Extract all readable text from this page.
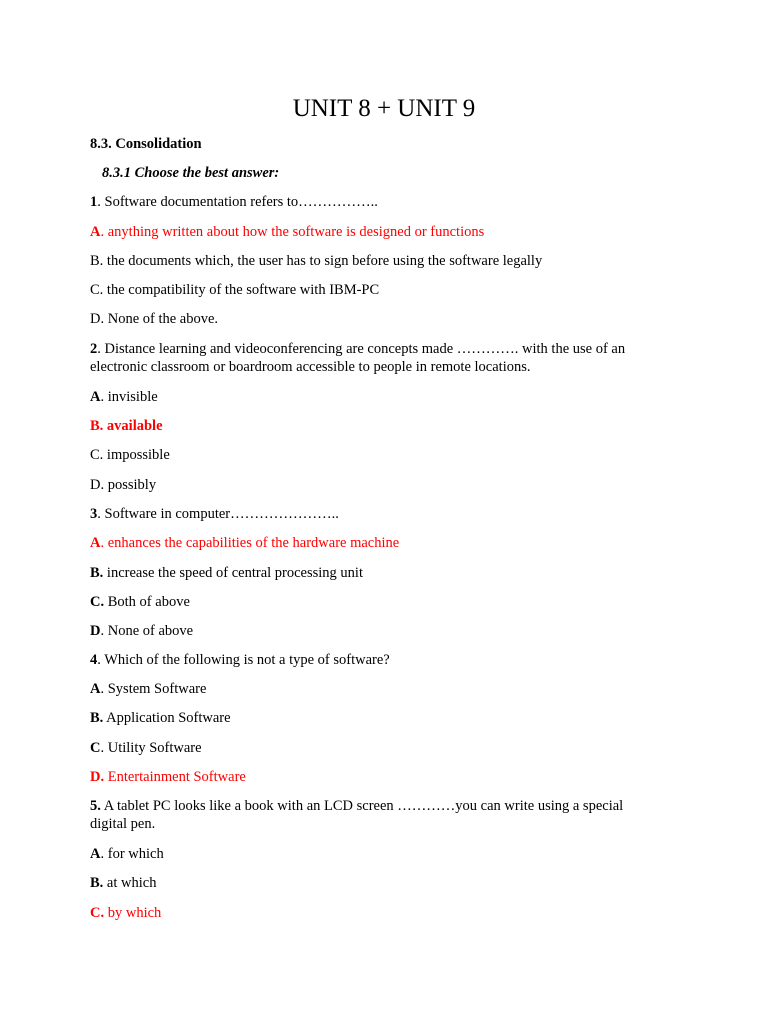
UNIT 8 + UNIT 9

8.3. Consolidation

8.3.1 Choose the best answer:

1. Software documentation refers to……………..

A. anything written about how the software is designed or functions

B. the documents which, the user has to sign before using the software legally

C. the compatibility of the software with IBM-PC

D. None of the above.

2. Distance learning and videoconferencing are concepts made …………. with the use of an electronic classroom or boardroom accessible to people in remote locations.

A. invisible

B. available

C. impossible

D. possibly

3. Software in computer…………………..

A. enhances the capabilities of the hardware machine

B. increase the speed of central processing unit

C. Both of above

D. None of above

4. Which of the following is not a type of software?

A. System Software

B. Application Software

C. Utility Software

D. Entertainment Software

5. A tablet PC looks like a book with an LCD screen …………you can write using a special digital pen.

A. for which

B. at which

C. by which
